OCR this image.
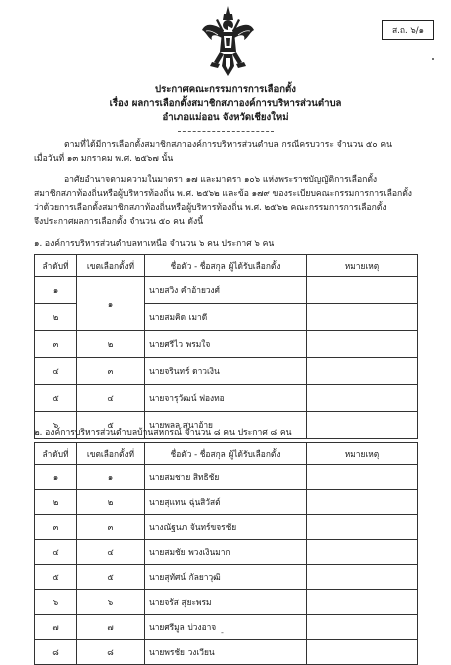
ส.ถ. ๖/๑
ประกาศคณะกรรมการการเลือกตั้ง
เรื่อง ผลการเลือกตั้งสมาชิกสภาองค์การบริหารส่วนตำบล
อำเภอแม่ออน จังหวัดเชียงใหม่
ตามที่ได้มีการเลือกตั้งสมาชิกสภาองค์การบริหารส่วนตำบล กรณีครบวาระ จำนวน ๕๐ คน
เมื่อวันที่ ๑๓ มกราคม พ.ศ. ๒๕๖๗ นั้น
อาศัยอำนาจตามความในมาตรา ๑๗ และมาตรา ๑๐๖ แห่งพระราชบัญญัติการเลือกตั้ง
สมาชิกสภาท้องถิ่นหรือผู้บริหารท้องถิ่น พ.ศ. ๒๕๖๒ และข้อ ๑๗๙ ของระเบียบคณะกรรมการการเลือกตั้ง
ว่าด้วยการเลือกตั้งสมาชิกสภาท้องถิ่นหรือผู้บริหารท้องถิ่น พ.ศ. ๒๕๖๒ คณะกรรมการการเลือกตั้ง
จึงประกาศผลการเลือกตั้ง จำนวน ๕๐ คน ดังนี้
๑. องค์การบริหารส่วนตำบลทาเหนือ จำนวน ๖ คน ประกาศ ๖ คน
ลำดับที่	เขตเลือกตั้งที่	ชื่อตัว - ชื่อสกุล ผู้ได้รับเลือกตั้ง	หมายเหตุ
๑	๑	นายสวิง คำอ้ายวงศ์	
๒		นายสมคิด เมาดี	
๓	๒	นายศรีไว พรมใจ	
๔	๓	นายจรินทร์ ดาวเงิน	
๕	๔	นายจารุวัฒน์ ฟองทอ	
๖	๕	นายพลล สุนาอ้าย	
๒. องค์การบริหารส่วนตำบลบ้านสหกรณ์ จำนวน ๘ คน ประกาศ ๘ คน
ลำดับที่	เขตเลือกตั้งที่	ชื่อตัว - ชื่อสกุล ผู้ได้รับเลือกตั้ง	หมายเหตุ
๑	๑	นายสมชาย สิทธิชัย	
๒	๒	นายสุแทน ฉุ่นสิวัสต์	
๓	๓	นางณัฐนภ จันทร์ขจรชัย	
๔	๔	นายสมชัย พวงเงินมาก	
๕	๕	นายสุทัศน์ กัลยาวุฒิ	
๖	๖	นายจรัส สุยะพรม	
๗	๗	นายศรีมูล บ่วงอาจ	
๘	๘	นายพรชัย วงเวียน	
-
